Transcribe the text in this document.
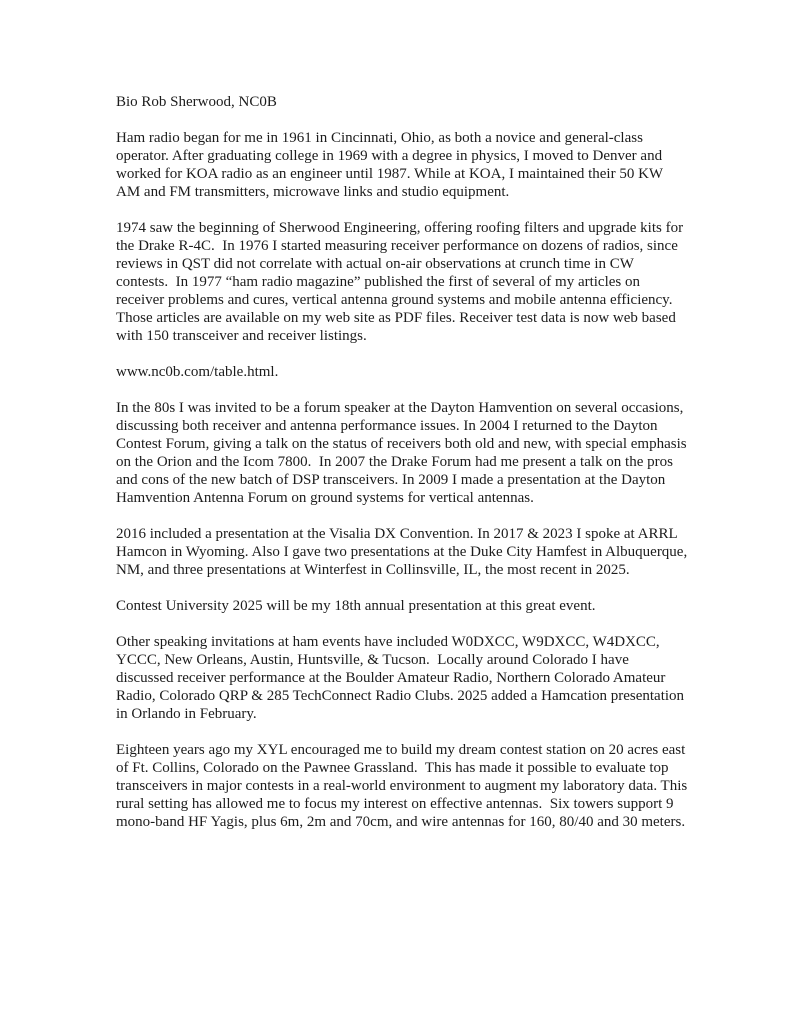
Bio Rob Sherwood, NC0B

Ham radio began for me in 1961 in Cincinnati, Ohio, as both a novice and general-class operator. After graduating college in 1969 with a degree in physics, I moved to Denver and worked for KOA radio as an engineer until 1987. While at KOA, I maintained their 50 KW AM and FM transmitters, microwave links and studio equipment.

1974 saw the beginning of Sherwood Engineering, offering roofing filters and upgrade kits for the Drake R-4C.  In 1976 I started measuring receiver performance on dozens of radios, since reviews in QST did not correlate with actual on-air observations at crunch time in CW contests.  In 1977 “ham radio magazine” published the first of several of my articles on receiver problems and cures, vertical antenna ground systems and mobile antenna efficiency.  Those articles are available on my web site as PDF files. Receiver test data is now web based with 150 transceiver and receiver listings.

www.nc0b.com/table.html.

In the 80s I was invited to be a forum speaker at the Dayton Hamvention on several occasions, discussing both receiver and antenna performance issues. In 2004 I returned to the Dayton Contest Forum, giving a talk on the status of receivers both old and new, with special emphasis on the Orion and the Icom 7800.  In 2007 the Drake Forum had me present a talk on the pros and cons of the new batch of DSP transceivers. In 2009 I made a presentation at the Dayton Hamvention Antenna Forum on ground systems for vertical antennas.

2016 included a presentation at the Visalia DX Convention. In 2017 & 2023 I spoke at ARRL Hamcon in Wyoming. Also I gave two presentations at the Duke City Hamfest in Albuquerque, NM, and three presentations at Winterfest in Collinsville, IL, the most recent in 2025.

Contest University 2025 will be my 18th annual presentation at this great event.

Other speaking invitations at ham events have included W0DXCC, W9DXCC, W4DXCC, YCCC, New Orleans, Austin, Huntsville, & Tucson.  Locally around Colorado I have discussed receiver performance at the Boulder Amateur Radio, Northern Colorado Amateur Radio, Colorado QRP & 285 TechConnect Radio Clubs. 2025 added a Hamcation presentation in Orlando in February.

Eighteen years ago my XYL encouraged me to build my dream contest station on 20 acres east of Ft. Collins, Colorado on the Pawnee Grassland.  This has made it possible to evaluate top transceivers in major contests in a real-world environment to augment my laboratory data. This rural setting has allowed me to focus my interest on effective antennas.  Six towers support 9 mono-band HF Yagis, plus 6m, 2m and 70cm, and wire antennas for 160, 80/40 and 30 meters.
